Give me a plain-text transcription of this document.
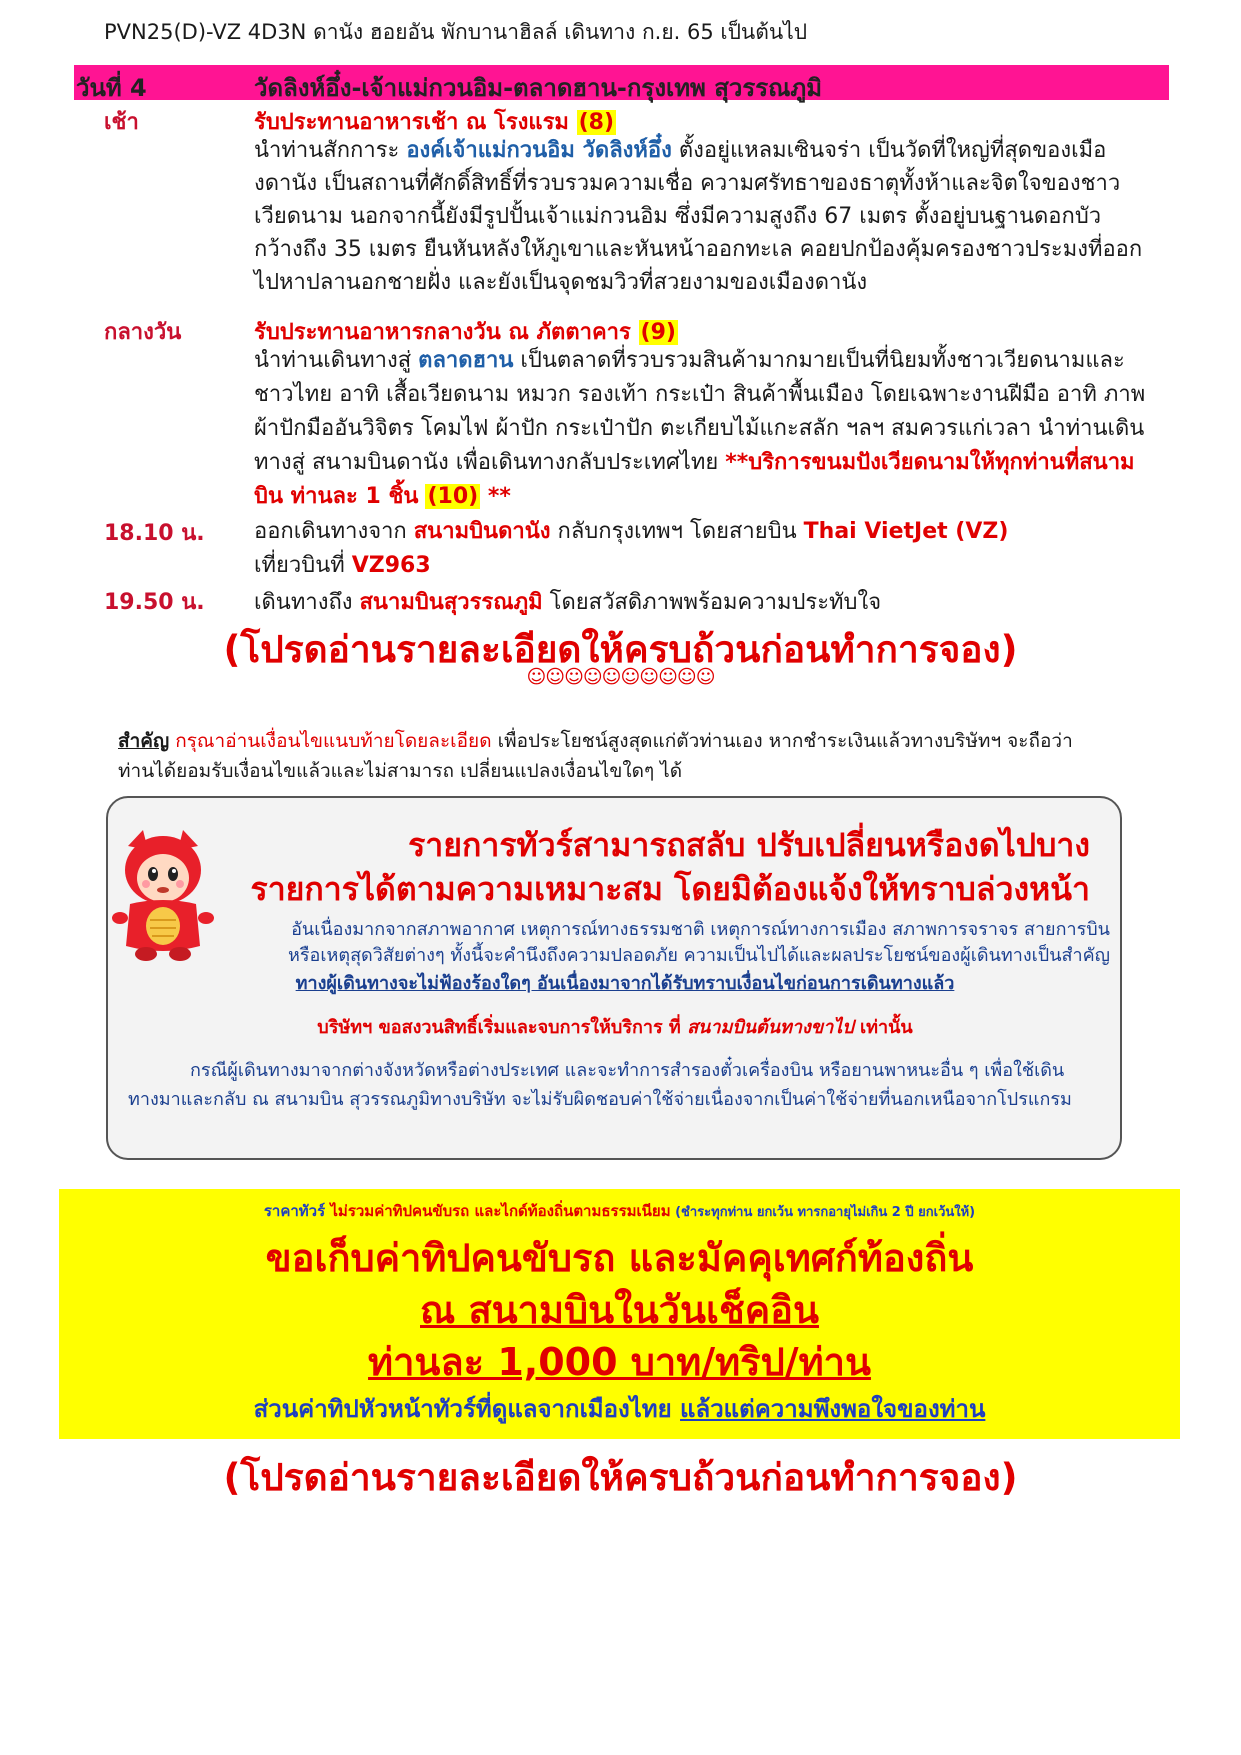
PVN25(D)-VZ 4D3N ดานัง ฮอยอัน พักบานาฮิลล์ เดินทาง ก.ย. 65 เป็นต้นไป
วันที่ 4	วัดลิงห์อึ๋ง-เจ้าแม่กวนอิม-ตลาดฮาน-กรุงเทพ สุวรรณภูมิ
เช้า	รับประทานอาหารเช้า ณ โรงแรม (8)
นำท่านสักการะ องค์เจ้าแม่กวนอิม วัดลิงห์อึ๋ง ตั้งอยู่แหลมเซินจร่า เป็นวัดที่ใหญ่ที่สุดของเมืองดานัง เป็นสถานที่ศักดิ์สิทธิ์ที่รวบรวมความเชื่อ ความศรัทธาของธาตุทั้งห้าและจิตใจของชาวเวียดนาม นอกจากนี้ยังมีรูปปั้นเจ้าแม่กวนอิม ซึ่งมีความสูงถึง 67 เมตร ตั้งอยู่บนฐานดอกบัว กว้างถึง 35 เมตร ยืนหันหลังให้ภูเขาและหันหน้าออกทะเล คอยปกป้องคุ้มครองชาวประมงที่ออกไปหาปลานอกชายฝั่ง และยังเป็นจุดชมวิวที่สวยงามของเมืองดานัง
กลางวัน	รับประทานอาหารกลางวัน ณ ภัตตาคาร (9)
นำท่านเดินทางสู่ ตลาดฮาน เป็นตลาดที่รวบรวมสินค้ามากมายเป็นที่นิยมทั้งชาวเวียดนามและชาวไทย อาทิ เสื้อเวียดนาม หมวก รองเท้า กระเป๋า สินค้าพื้นเมือง โดยเฉพาะงานฝีมือ อาทิ ภาพผ้าปักมืออันวิจิตร โคมไฟ ผ้าปัก กระเป๋าปัก ตะเกียบไม้แกะสลัก ฯลฯ สมควรแก่เวลา นำท่านเดินทางสู่ สนามบินดานัง เพื่อเดินทางกลับประเทศไทย **บริการขนมปังเวียดนามให้ทุกท่านที่สนามบิน ท่านละ 1 ชิ้น (10) **
18.10 น. ออกเดินทางจาก สนามบินดานัง กลับกรุงเทพฯ โดยสายบิน Thai VietJet (VZ)
เที่ยวบินที่ VZ963
19.50 น. เดินทางถึง สนามบินสุวรรณภูมิ โดยสวัสดิภาพพร้อมความประทับใจ
(โปรดอ่านรายละเอียดให้ครบถ้วนก่อนทำการจอง)
☺☺☺☺☺☺☺☺☺☺
สำคัญ กรุณาอ่านเงื่อนไขแนบท้ายโดยละเอียด เพื่อประโยชน์สูงสุดแก่ตัวท่านเอง หากชำระเงินแล้วทางบริษัทฯ จะถือว่าท่านได้ยอมรับเงื่อนไขแล้วและไม่สามารถ เปลี่ยนแปลงเงื่อนไขใดๆ ได้
รายการทัวร์สามารถสลับ ปรับเปลี่ยนหรืองดไปบาง
รายการได้ตามความเหมาะสม โดยมิต้องแจ้งให้ทราบล่วงหน้า
อันเนื่องมากจากสภาพอากาศ เหตุการณ์ทางธรรมชาติ เหตุการณ์ทางการเมือง สภาพการจราจร สายการบิน
หรือเหตุสุดวิสัยต่างๆ ทั้งนี้จะคำนึงถึงความปลอดภัย ความเป็นไปได้และผลประโยชน์ของผู้เดินทางเป็นสำคัญ
ทางผู้เดินทางจะไม่ฟ้องร้องใดๆ อันเนื่องมาจากได้รับทราบเงื่อนไขก่อนการเดินทางแล้ว
บริษัทฯ ขอสงวนสิทธิ์เริ่มและจบการให้บริการ ที่ สนามบินต้นทางขาไป เท่านั้น
กรณีผู้เดินทางมาจากต่างจังหวัดหรือต่างประเทศ และจะทำการสำรองตั๋วเครื่องบิน หรือยานพาหนะอื่น ๆ เพื่อใช้เดินทางมาและกลับ ณ สนามบิน สุวรรณภูมิทางบริษัท จะไม่รับผิดชอบค่าใช้จ่ายเนื่องจากเป็นค่าใช้จ่ายที่นอกเหนือจากโปรแกรม
ราคาทัวร์ ไม่รวมค่าทิปคนขับรถ และไกด์ท้องถิ่นตามธรรมเนียม (ชำระทุกท่าน ยกเว้น ทารกอายุไม่เกิน 2 ปี ยกเว้นให้)
ขอเก็บค่าทิปคนขับรถ และมัคคุเทศก์ท้องถิ่น
ณ สนามบินในวันเช็คอิน
ท่านละ 1,000 บาท/ทริป/ท่าน
ส่วนค่าทิปหัวหน้าทัวร์ที่ดูแลจากเมืองไทย แล้วแต่ความพึงพอใจของท่าน
(โปรดอ่านรายละเอียดให้ครบถ้วนก่อนทำการจอง)
